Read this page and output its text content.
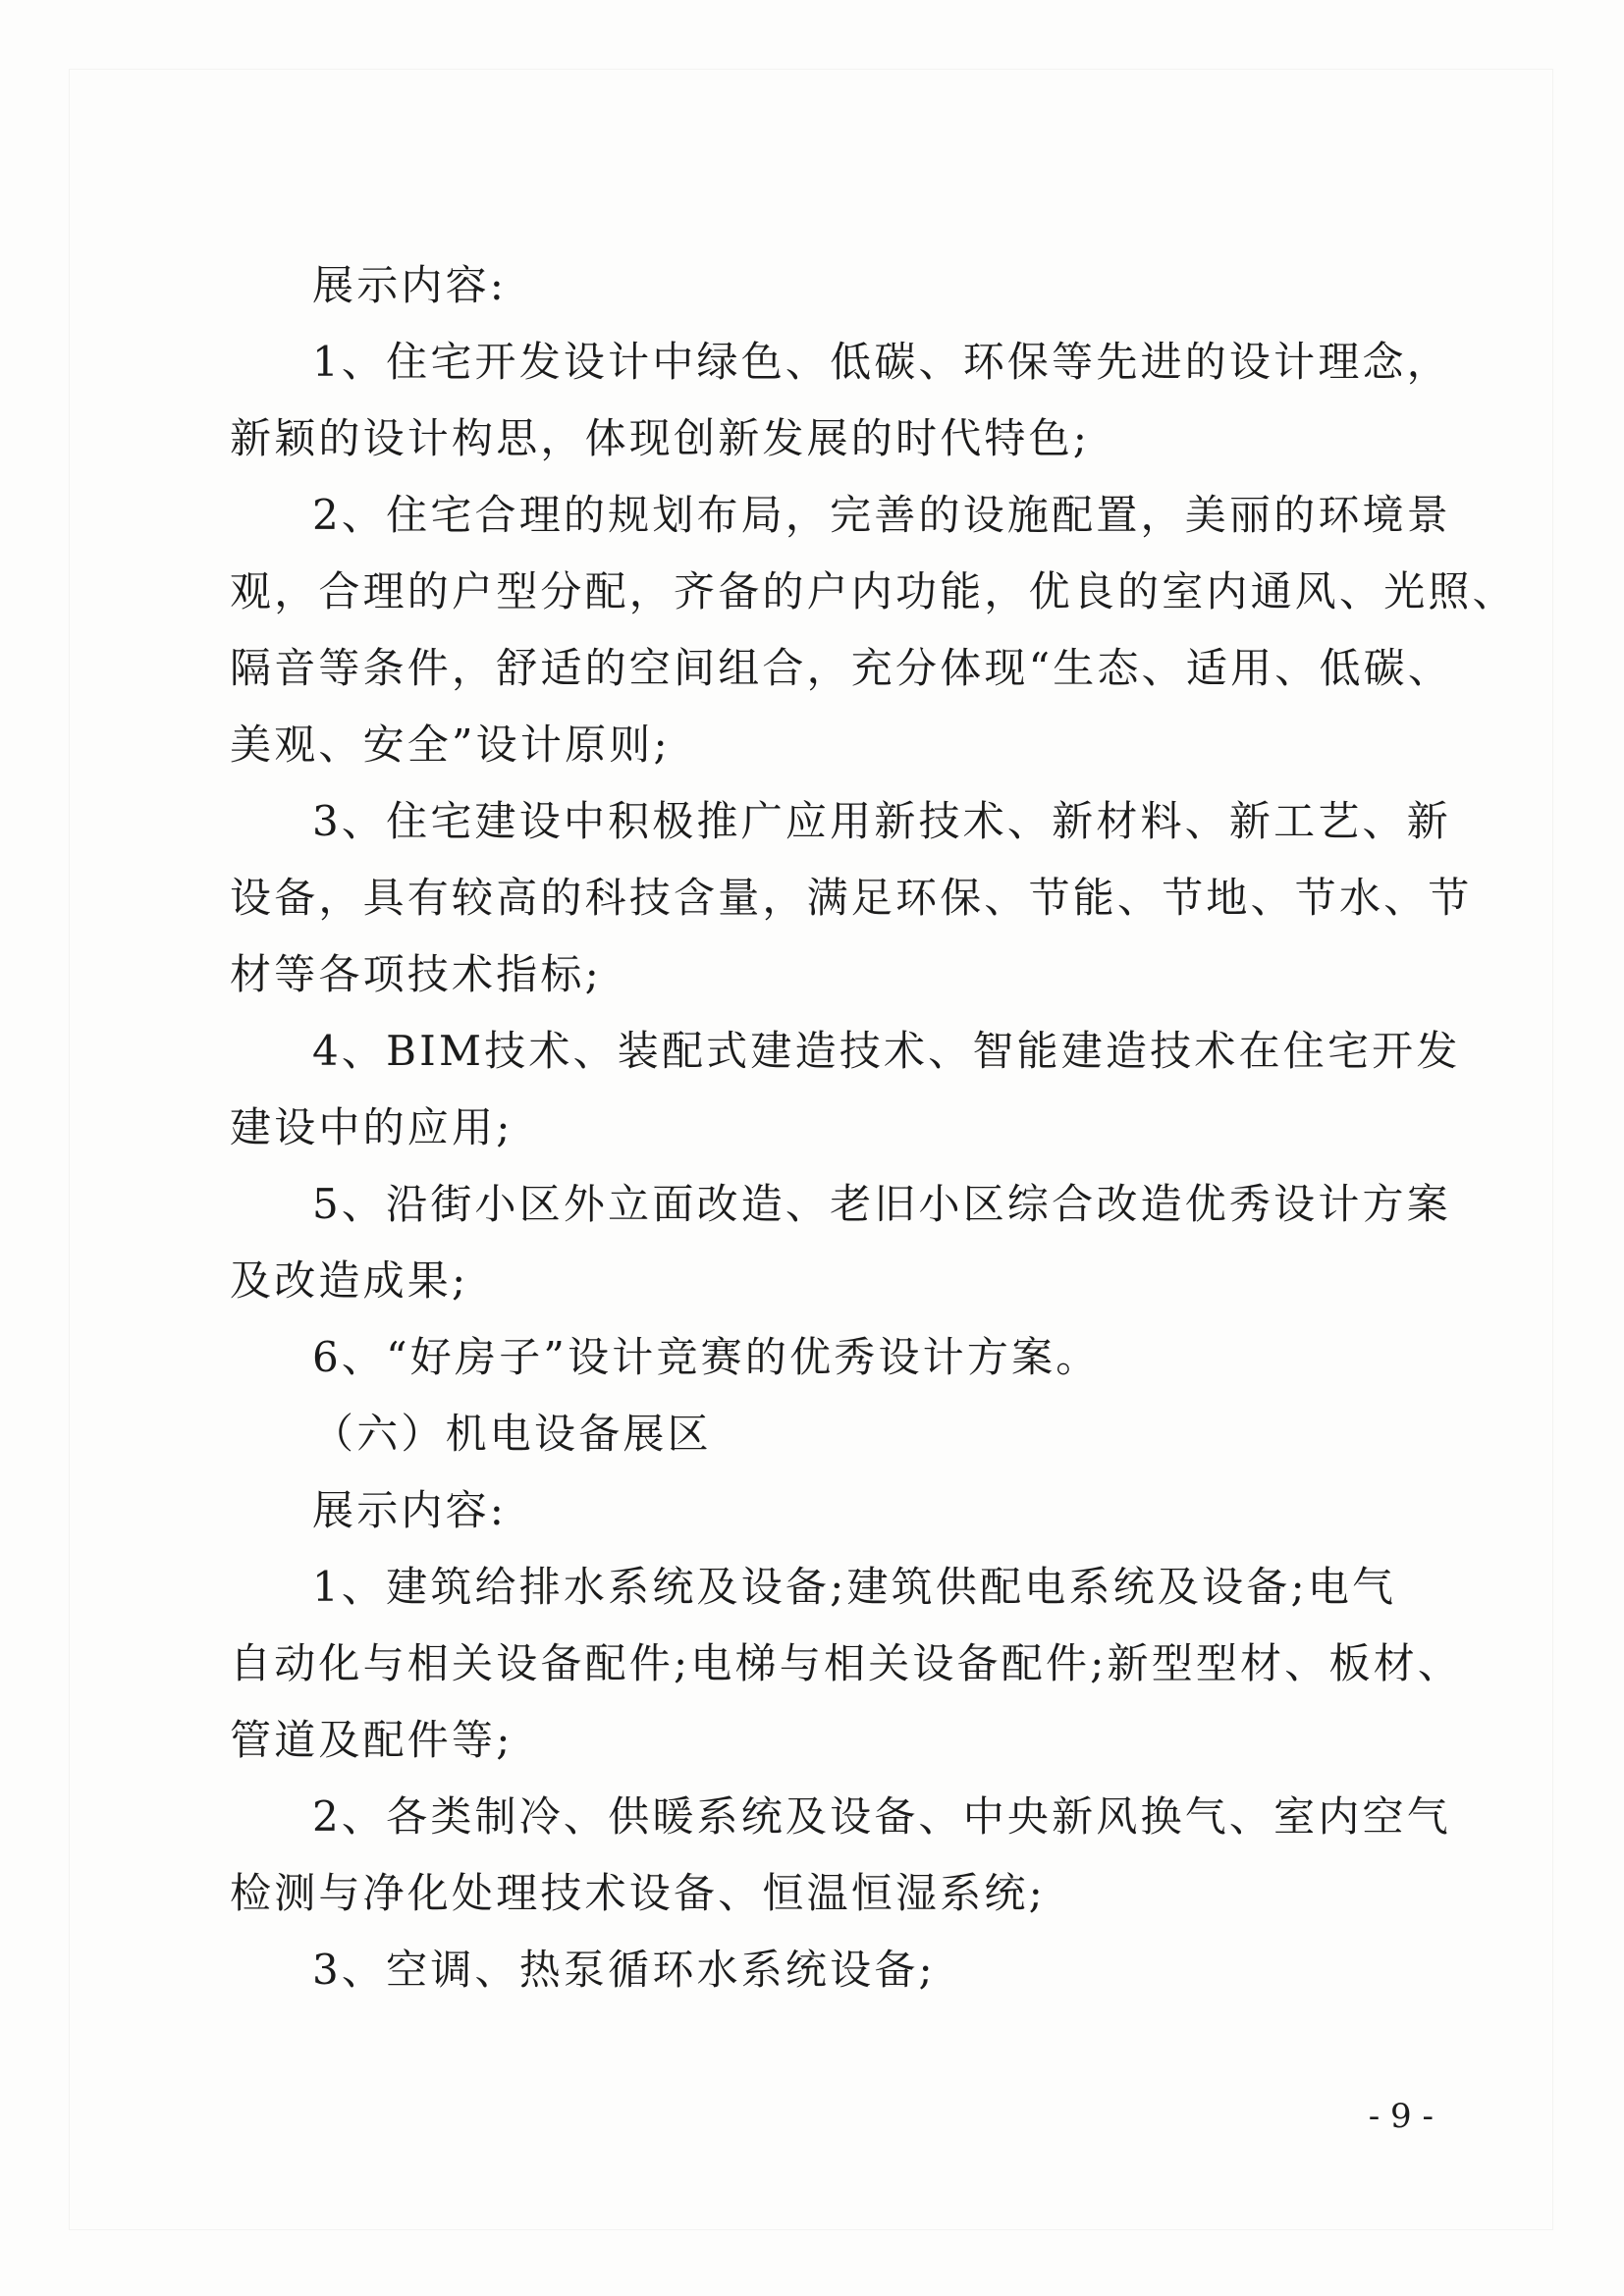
展示内容:
1、住宅开发设计中绿色、低碳、环保等先进的设计理念，
新颖的设计构思，体现创新发展的时代特色;
2、住宅合理的规划布局，完善的设施配置，美丽的环境景
观，合理的户型分配，齐备的户内功能，优良的室内通风、光照、
隔音等条件，舒适的空间组合，充分体现“生态、适用、低碳、
美观、安全”设计原则;
3、住宅建设中积极推广应用新技术、新材料、新工艺、新
设备，具有较高的科技含量，满足环保、节能、节地、节水、节
材等各项技术指标;
4、BIM技术、装配式建造技术、智能建造技术在住宅开发
建设中的应用;
5、沿街小区外立面改造、老旧小区综合改造优秀设计方案
及改造成果;
6、“好房子”设计竞赛的优秀设计方案。
（六）机电设备展区
展示内容:
1、建筑给排水系统及设备;建筑供配电系统及设备;电气
自动化与相关设备配件;电梯与相关设备配件;新型型材、板材、
管道及配件等;
2、各类制冷、供暖系统及设备、中央新风换气、室内空气
检测与净化处理技术设备、恒温恒湿系统;
3、空调、热泵循环水系统设备;
- 9 -
